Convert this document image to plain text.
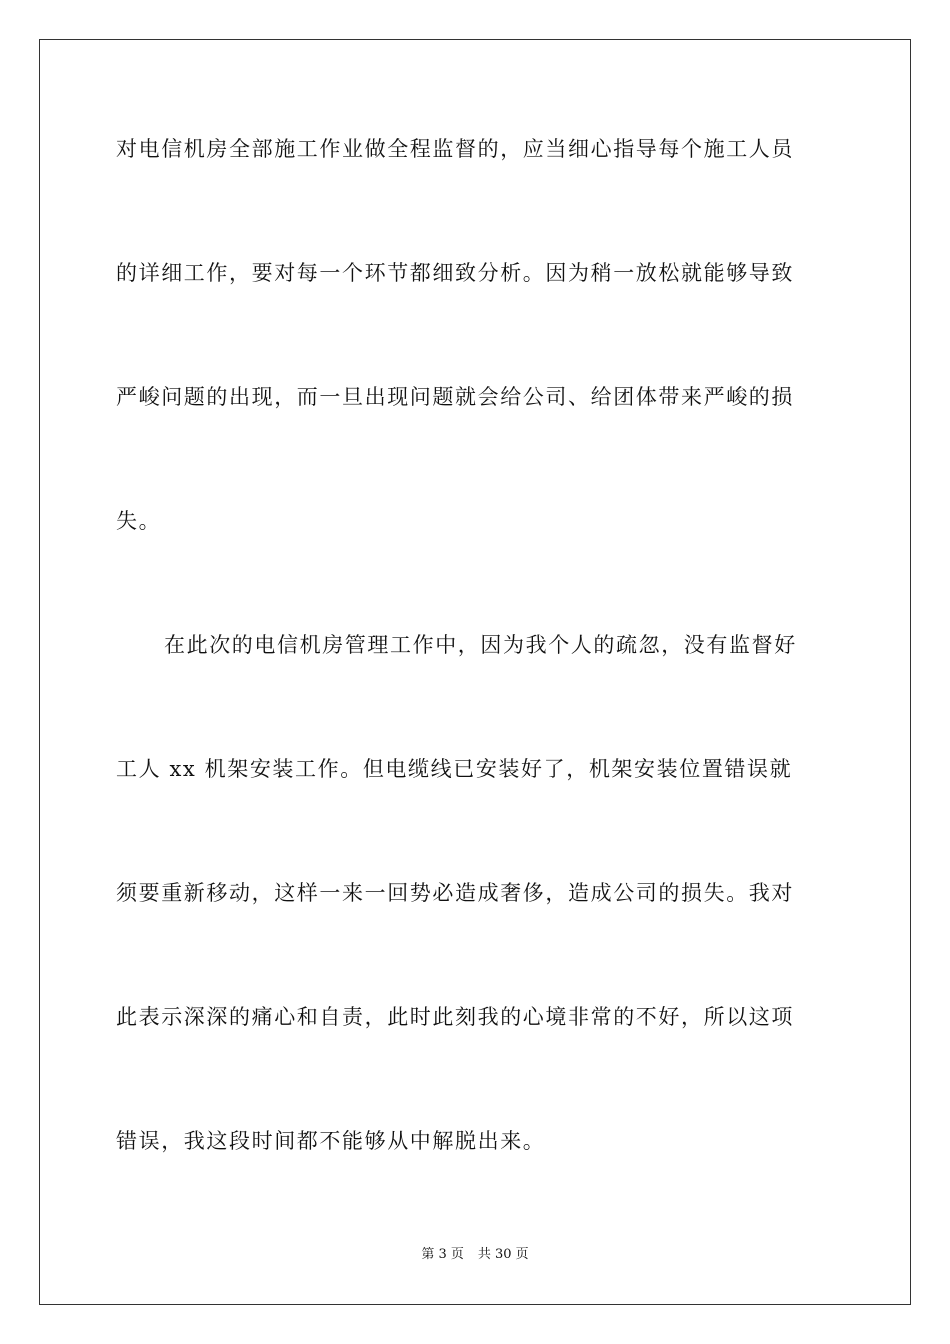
对电信机房全部施工作业做全程监督的，应当细心指导每个施工人员
的详细工作，要对每一个环节都细致分析。因为稍一放松就能够导致
严峻问题的出现，而一旦出现问题就会给公司、给团体带来严峻的损
失。
在此次的电信机房管理工作中，因为我个人的疏忽，没有监督好
工人 xx 机架安装工作。但电缆线已安装好了，机架安装位置错误就
须要重新移动，这样一来一回势必造成奢侈，造成公司的损失。我对
此表示深深的痛心和自责，此时此刻我的心境非常的不好，所以这项
错误，我这段时间都不能够从中解脱出来。
第 3 页 共 30 页
